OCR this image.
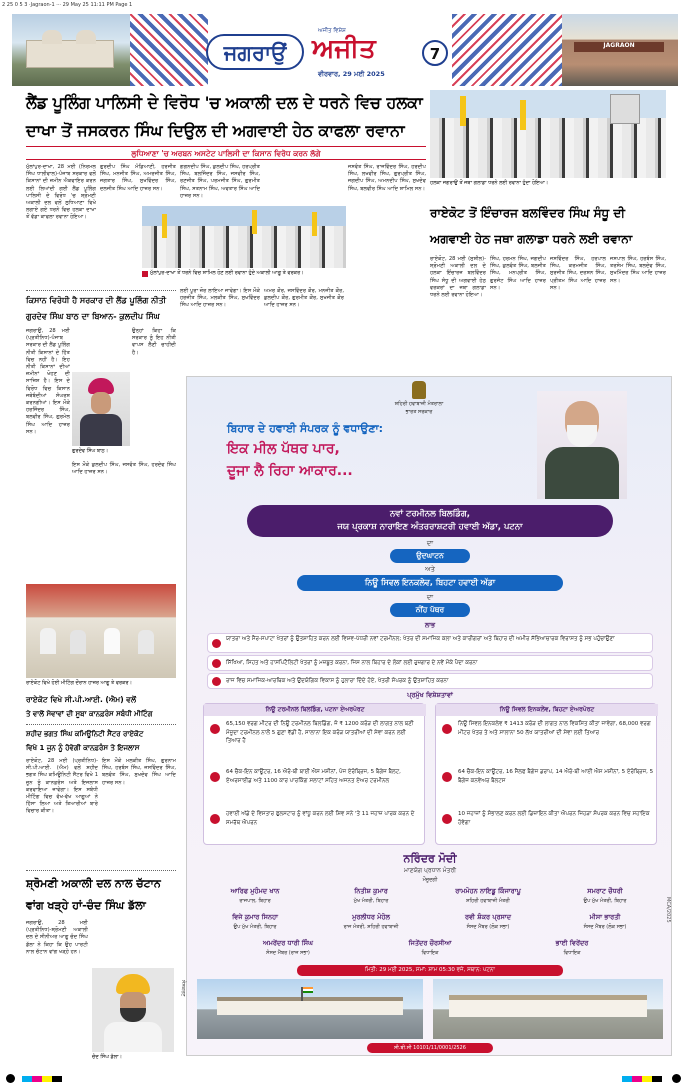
2 25 0 5 3 ·Jagraon-1 ··· 29 May 25 11:11 PM Page 1
ਜਗਰਾਉਂ
ਅਜੀਤ ਵਿਸ਼ੇਸ਼
ਅਜੀਤ
ਵੀਰਵਾਰ, 29 ਮਈ 2025
7	JAGRAON
ਲੈਂਡ ਪੂਲਿੰਗ ਪਾਲਿਸੀ ਦੇ ਵਿਰੋਧ 'ਚ ਅਕਾਲੀ ਦਲ ਦੇ ਧਰਨੇ ਵਿਚ ਹਲਕਾ
ਦਾਖਾ ਤੋਂ ਜਸਕਰਨ ਸਿੰਘ ਦਿਉਲ ਦੀ ਅਗਵਾਈ ਹੇਠ ਕਾਫਲਾ ਰਵਾਨਾ
ਲੁਧਿਆਣਾ 'ਚ ਅਰਬਨ ਅਸਟੇਟ ਪਾਲਿਸੀ ਦਾ ਕਿਸਾਨ ਵਿਰੋਧ ਕਰਨ ਲੱਗੇ
ਮੁੱਲਾਂਪੁਰ-ਦਾਖਾ, 28 ਮਈ (ਨਿਰਮਲ ਸਿੰਘ ਧਾਲੀਵਾਲ)-ਪੰਜਾਬ ਸਰਕਾਰ ਵਲੋਂ ਕਿਸਾਨਾਂ ਦੀ ਜ਼ਮੀਨ ਐਕਵਾਇਰ ਕਰਨ ਲਈ ਲਿਆਂਦੀ ਗਈ ਲੈਂਡ ਪੂਲਿੰਗ ਪਾਲਿਸੀ ਦੇ ਵਿਰੋਧ 'ਚ ਸ਼੍ਰੋਮਣੀ ਅਕਾਲੀ ਦਲ ਵਲੋਂ ਲੁਧਿਆਣਾ ਵਿਖੇ ਲਗਾਏ ਗਏ ਧਰਨੇ ਵਿਚ ਹਲਕਾ ਦਾਖਾ ਤੋਂ ਵੱਡਾ ਕਾਫਲਾ ਰਵਾਨਾ ਹੋਇਆ।
ਗੁਰਦੀਪ ਸਿੰਘ ਮੰਡਿਆਣੀ, ਹਰਜੀਤ ਸਿੰਘ, ਮਨਜੀਤ ਸਿੰਘ, ਅਮਰਜੀਤ ਸਿੰਘ, ਜਗਤਾਰ ਸਿੰਘ, ਸੁਖਵਿੰਦਰ ਸਿੰਘ, ਦਲਜੀਤ ਸਿੰਘ ਆਦਿ ਹਾਜ਼ਰ ਸਨ।
ਗਗਨਦੀਪ ਸਿੰਘ, ਕੁਲਦੀਪ ਸਿੰਘ, ਹਰਪ੍ਰੀਤ ਸਿੰਘ, ਬਲਜਿੰਦਰ ਸਿੰਘ, ਜਸਵੀਰ ਸਿੰਘ, ਰਣਜੀਤ ਸਿੰਘ, ਪਰਮਜੀਤ ਸਿੰਘ, ਗੁਰਮੀਤ ਸਿੰਘ, ਸਤਨਾਮ ਸਿੰਘ, ਅਵਤਾਰ ਸਿੰਘ ਆਦਿ ਹਾਜ਼ਰ ਸਨ।
ਜਸਵੰਤ ਸਿੰਘ, ਰਾਜਵਿੰਦਰ ਸਿੰਘ, ਹਰਦੀਪ ਸਿੰਘ, ਲਖਵੀਰ ਸਿੰਘ, ਗੁਰਪ੍ਰੀਤ ਸਿੰਘ, ਜਗਦੀਪ ਸਿੰਘ, ਅਮਨਦੀਪ ਸਿੰਘ, ਸੁਖਦੇਵ ਸਿੰਘ, ਬਲਵੀਰ ਸਿੰਘ ਆਦਿ ਸ਼ਾਮਿਲ ਸਨ।
ਮੁੱਲਾਂਪੁਰ-ਦਾਖਾ ਤੋਂ ਧਰਨੇ ਵਿਚ ਸ਼ਾਮਿਲ ਹੋਣ ਲਈ ਰਵਾਨਾ ਹੁੰਦੇ ਅਕਾਲੀ ਆਗੂ ਤੇ ਵਰਕਰ।
ਲਈ ਪੂਰਾ ਜ਼ੋਰ ਲਾਇਆ ਜਾਵੇਗਾ। ਇਸ ਮੌਕੇ ਹਰਜੀਤ ਸਿੰਘ, ਮਲਕੀਤ ਸਿੰਘ, ਸੁਖਵਿੰਦਰ ਸਿੰਘ ਆਦਿ ਹਾਜ਼ਰ ਸਨ।
ਅਮਰ ਕੌਰ, ਜਸਵਿੰਦਰ ਕੌਰ, ਮਨਜੀਤ ਕੌਰ, ਕੁਲਦੀਪ ਕੌਰ, ਗੁਰਮੀਤ ਕੌਰ, ਸੁਖਜੀਤ ਕੌਰ ਆਦਿ ਹਾਜ਼ਰ ਸਨ।
ਹਲਕਾ ਜਗਰਾਉਂ ਤੋਂ ਜਥਾ ਗਲਾਡਾ ਧਰਨੇ ਲਈ ਰਵਾਨਾ ਹੁੰਦਾ ਹੋਇਆ।
ਰਾਏਕੋਟ ਤੋਂ ਇੰਚਾਰਜ ਬਲਵਿੰਦਰ ਸਿੰਘ ਸੰਧੂ ਦੀ
ਅਗਵਾਈ ਹੇਠ ਜਥਾ ਗਲਾਡਾ ਧਰਨੇ ਲਈ ਰਵਾਨਾ
ਰਾਏਕੋਟ, 28 ਮਈ (ਸੁਸ਼ੀਲ)-ਸ਼੍ਰੋਮਣੀ ਅਕਾਲੀ ਦਲ ਦੇ ਹਲਕਾ ਇੰਚਾਰਜ ਬਲਵਿੰਦਰ ਸਿੰਘ ਸੰਧੂ ਦੀ ਅਗਵਾਈ ਹੇਠ ਵਰਕਰਾਂ ਦਾ ਜਥਾ ਗਲਾਡਾ ਧਰਨੇ ਲਈ ਰਵਾਨਾ ਹੋਇਆ।
ਸਿੰਘ, ਹਰਮਨ ਸਿੰਘ, ਜਗਦੀਪ ਸਿੰਘ, ਕੁਲਵੰਤ ਸਿੰਘ, ਬਲਜੀਤ ਸਿੰਘ, ਮਨਪ੍ਰੀਤ ਸਿੰਘ, ਗੁਰਜੰਟ ਸਿੰਘ ਆਦਿ ਹਾਜ਼ਰ ਸਨ।
ਜਸਵਿੰਦਰ ਸਿੰਘ, ਹਰਪਾਲ ਸਿੰਘ, ਕਰਮਜੀਤ ਸਿੰਘ, ਸੁਰਜੀਤ ਸਿੰਘ, ਦਰਸ਼ਨ ਸਿੰਘ, ਪ੍ਰੀਤਮ ਸਿੰਘ ਆਦਿ ਹਾਜ਼ਰ ਸਨ।
ਜਸਪਾਲ ਸਿੰਘ, ਹਰਬੰਸ ਸਿੰਘ, ਤਰਸੇਮ ਸਿੰਘ, ਬਲਦੇਵ ਸਿੰਘ, ਸੁਖਮਿੰਦਰ ਸਿੰਘ ਆਦਿ ਹਾਜ਼ਰ ਸਨ।
ਕਿਸਾਨ ਵਿਰੋਧੀ ਹੈ ਸਰਕਾਰ ਦੀ ਲੈਂਡ ਪੂਲਿੰਗ ਨੀਤੀ
ਗੁਰਦੇਵ ਸਿੰਘ ਬਾਠ ਦਾ ਬਿਆਨ- ਕੁਲਦੀਪ ਸਿੰਘ
ਜਗਰਾਉਂ, 28 ਮਈ (ਪ੍ਰਤੀਨਿਧ)-ਪੰਜਾਬ ਸਰਕਾਰ ਦੀ ਲੈਂਡ ਪੂਲਿੰਗ ਨੀਤੀ ਕਿਸਾਨਾਂ ਦੇ ਹਿੱਤ ਵਿਚ ਨਹੀਂ ਹੈ। ਇਹ ਨੀਤੀ ਕਿਸਾਨਾਂ ਦੀਆਂ ਜ਼ਮੀਨਾਂ ਖੋਹਣ ਦੀ ਸਾਜ਼ਿਸ਼ ਹੈ। ਇਸ ਦੇ ਵਿਰੋਧ ਵਿਚ ਕਿਸਾਨ ਜਥੇਬੰਦੀਆਂ ਸੰਘਰਸ਼ ਕਰਨਗੀਆਂ। ਇਸ ਮੌਕੇ ਹਰਜਿੰਦਰ ਸਿੰਘ, ਬਲਵੀਰ ਸਿੰਘ, ਗੁਰਮੇਲ ਸਿੰਘ ਆਦਿ ਹਾਜ਼ਰ ਸਨ।
ਗੁਰਦੇਵ ਸਿੰਘ ਬਾਠ।
ਉਨ੍ਹਾਂ ਕਿਹਾ ਕਿ ਸਰਕਾਰ ਨੂੰ ਇਹ ਨੀਤੀ ਵਾਪਸ ਲੈਣੀ ਚਾਹੀਦੀ ਹੈ।
ਇਸ ਮੌਕੇ ਕੁਲਦੀਪ ਸਿੰਘ, ਜਸਵੰਤ ਸਿੰਘ, ਹਰਦੇਵ ਸਿੰਘ ਆਦਿ ਹਾਜ਼ਰ ਸਨ।
ਰਾਏਕੋਟ ਵਿਖੇ ਹੋਈ ਮੀਟਿੰਗ ਦੌਰਾਨ ਹਾਜ਼ਰ ਆਗੂ ਤੇ ਵਰਕਰ।
ਰਾਏਕੋਟ ਵਿਖੇ ਸੀ.ਪੀ.ਆਈ. (ਐਮ) ਵਲੋਂ
ਤੇ ਵਾਲੋਂ ਸੇਵਾਵਾਂ ਦੀ ਸੂਬਾ ਕਾਨਫ਼ਰੰਸ ਸਬੰਧੀ ਮੀਟਿੰਗ
ਸ਼ਹੀਦ ਭਗਤ ਸਿੰਘ ਕਮਿਊਨਿਟੀ ਸੈਂਟਰ ਰਾਏਕੋਟ
ਵਿਖੇ 1 ਜੂਨ ਨੂੰ ਹੋਵੇਗੀ ਕਾਨਫ਼ਰੰਸ ਤੇ ਇਜਲਾਸ
ਰਾਏਕੋਟ, 28 ਮਈ (ਪ੍ਰਤੀਨਿਧ)-ਸੀ.ਪੀ.ਆਈ. (ਐਮ) ਵਲੋਂ ਸ਼ਹੀਦ ਭਗਤ ਸਿੰਘ ਕਮਿਊਨਿਟੀ ਸੈਂਟਰ ਵਿਖੇ 1 ਜੂਨ ਨੂੰ ਕਾਨਫ਼ਰੰਸ ਅਤੇ ਇਜਲਾਸ ਕਰਵਾਇਆ ਜਾਵੇਗਾ। ਇਸ ਸਬੰਧੀ ਮੀਟਿੰਗ ਵਿਚ ਵੱਖ-ਵੱਖ ਆਗੂਆਂ ਨੇ ਹਿੱਸਾ ਲਿਆ ਅਤੇ ਤਿਆਰੀਆਂ ਬਾਰੇ ਵਿਚਾਰ ਕੀਤਾ।
ਇਸ ਮੌਕੇ ਮਲਕੀਤ ਸਿੰਘ, ਗੁਰਨਾਮ ਸਿੰਘ, ਹਰਬੰਸ ਸਿੰਘ, ਜਸਵਿੰਦਰ ਸਿੰਘ, ਬਲਵੰਤ ਸਿੰਘ, ਸੁਖਦੇਵ ਸਿੰਘ ਆਦਿ ਹਾਜ਼ਰ ਸਨ।
ਸ਼੍ਰੋਮਣੀ ਅਕਾਲੀ ਦਲ ਨਾਲ ਚੱਟਾਨ
ਵਾਂਗ ਖੜ੍ਹੇ ਹਾਂ-ਚੰਦ ਸਿੰਘ ਡੱਲਾ
ਜਗਰਾਉਂ, 28 ਮਈ (ਪ੍ਰਤੀਨਿਧ)-ਸ਼੍ਰੋਮਣੀ ਅਕਾਲੀ ਦਲ ਦੇ ਸੀਨੀਅਰ ਆਗੂ ਚੰਦ ਸਿੰਘ ਡੱਲਾ ਨੇ ਕਿਹਾ ਕਿ ਉਹ ਪਾਰਟੀ ਨਾਲ ਚੱਟਾਨ ਵਾਂਗ ਖੜ੍ਹੇ ਹਨ।
ਚੰਦ ਸਿੰਘ ਡੱਲਾ।
ਸ਼ਹਿਰੀ ਹਵਾਬਾਜ਼ੀ ਮੰਤਰਾਲਾ
ਭਾਰਤ ਸਰਕਾਰ
ਬਿਹਾਰ ਦੇ ਹਵਾਈ ਸੰਪਰਕ ਨੂੰ ਵਧਾਉਣਾ:
ਇਕ ਮੀਲ ਪੱਥਰ ਪਾਰ,
ਦੂਜਾ ਲੈ ਰਿਹਾ ਆਕਾਰ...
ਨਵਾਂ ਟਰਮੀਨਲ ਬਿਲਡਿੰਗ,
ਜਯ ਪ੍ਰਕਾਸ਼ ਨਾਰਾਇਣ ਅੰਤਰਰਾਸ਼ਟਰੀ ਹਵਾਈ ਅੱਡਾ, ਪਟਨਾ
ਦਾ
ਉਦਘਾਟਨ
ਅਤੇ
ਨਿਊ ਸਿਵਲ ਇਨਕਲੇਵ, ਬਿਹਟਾ ਹਵਾਈ ਅੱਡਾ
ਦਾ
ਨੀਂਹ ਪੱਥਰ
ਲਾਭ
ਯਾਤਰਾ ਅਤੇ ਸੈਰ-ਸਪਾਟਾ ਖੇਤਰਾਂ ਨੂੰ ਉਤਸ਼ਾਹਿਤ ਕਰਨ ਲਈ ਵਿਸ਼ਵ-ਪੱਧਰੀ ਨਵਾਂ ਟਰਮੀਨਲ; ਖੇਤਰ ਦੀ ਸਮਾਜਿਕ ਕਲਾ ਅਤੇ ਕਾਰੀਗਰਾਂ ਅਤੇ ਬਿਹਾਰ ਦੀ ਅਮੀਰ ਸੱਭਿਆਚਾਰਕ ਵਿਰਾਸਤ ਨੂੰ ਸਭ ਪਹੁੰਚਾਉਣਾ
ਸਿੱਖਿਆ, ਸਿਹਤ ਅਤੇ ਹਾਸਪਿਟੈਲਿਟੀ ਖੇਤਰਾਂ ਨੂੰ ਮਜ਼ਬੂਤ ਕਰਨਾ, ਜਿਸ ਨਾਲ ਬਿਹਾਰ ਦੇ ਲੋਕਾਂ ਲਈ ਰੁਜ਼ਗਾਰ ਦੇ ਨਵੇਂ ਮੌਕੇ ਪੈਦਾ ਕਰਨਾ
ਰਾਜ ਵਿਚ ਸਮਾਜਿਕ-ਆਰਥਿਕ ਅਤੇ ਉਦਯੋਗਿਕ ਵਿਕਾਸ ਨੂੰ ਹੁਲਾਰਾ ਦਿੰਦੇ ਹੋਏ, ਖੇਤਰੀ ਸੰਪਰਕ ਨੂੰ ਉਤਸ਼ਾਹਿਤ ਕਰਨਾ
ਪ੍ਰਮੁੱਖ ਵਿਸ਼ੇਸ਼ਤਾਵਾਂ
ਨਿਊ ਟਰਮੀਨਲ ਬਿਲਡਿੰਗ, ਪਟਨਾ ਏਅਰਪੋਰਟ
65,150 ਵਰਗ ਮੀਟਰ ਦੀ ਨਿਊ ਟਰਮੀਨਲ ਬਿਲਡਿੰਗ, ਜੋ ₹ 1200 ਕਰੋੜ ਦੀ ਲਾਗਤ ਨਾਲ ਬਣੀ ਮੌਜੂਦਾ ਟਰਮੀਨਲ ਨਾਲੋਂ 5 ਗੁਣਾ ਵੱਡੀ ਹੈ, ਸਾਲਾਨਾ ਇਕ ਕਰੋੜ ਯਾਤਰੀਆਂ ਦੀ ਸੇਵਾ ਕਰਨ ਲਈ ਤਿਆਰ ਹੈ
64 ਚੈਕ-ਇਨ ਕਾਊਂਟਰ, 16 ਐਰੋ-ਬੀ ਬਾਈ ਐਸ ਮਸ਼ੀਨਾਂ, ਪੰਜ ਏਰੋਬ੍ਰਿਜ, 5 ਬੈਗੇਜ ਬੈਲਟ, ਏਅਰਸਾਈਡ ਅਤੇ 1100 ਕਾਰ ਪਾਰਕਿੰਗ ਸਲਾਟਾਂ ਸਹਿਤ ਅਜਨਤ ਏਅਰ ਟਰਮੀਨਲ
ਹਵਾਈ ਅੱਡੇ ਦੇ ਵਿਸਤਾਰ ਫੁਲਸਟਾਰ ਨੂੰ ਵਾਂਧੂ ਕਰਨ ਲਈ ਸ਼ਿਵ ਸਨੇ 'ਤੇ 11 ਜਹਾਜ਼ ਪਾਰਕ ਕਰਨ ਦੇ ਸਮਰੱਥ ਐਪਰਨ
ਨਿਊ ਸਿਵਲ ਇਨਕਲੇਵ, ਬਿਹਟਾ ਏਅਰਪੋਰਟ
ਨਿਊ ਸਿਵਲ ਇਨਕਲੇਵ ₹ 1413 ਕਰੋੜ ਦੀ ਲਾਗਤ ਨਾਲ ਵਿਕਸਿਤ ਕੀਤਾ ਜਾਵੇਗਾ, 68,000 ਵਰਗ ਮੀਟਰ ਖੇਤਰ ਤੇ ਅਤੇ ਸਾਲਾਨਾ 50 ਲੱਖ ਯਾਤਰੀਆਂ ਦੀ ਸੇਵਾ ਲਈ ਤਿਆਰ
64 ਚੈਕ-ਇਨ ਕਾਊਂਟਰ, 16 ਸੈਲਫ ਬੈਗੇਜ ਡਰਾਪ, 14 ਐਰੋ-ਬੀ ਆਈ ਐਸ ਮਸ਼ੀਨਾਂ, 5 ਏਰੋਬ੍ਰਿਜ, 5 ਬੈਗੇਜ ਕਨਵੇਅਰ ਬੈਲਟਸ
10 ਜਹਾਜ਼ਾਂ ਨੂੰ ਸੰਭਾਲਣ ਕਰਨ ਲਈ ਡਿਜ਼ਾਇਨ ਕੀਤਾ ਐਪਰਨ ਜਿਹੜਾ ਸੰਪਰਕ ਕਰਨ ਵਿਚ ਸਹਾਇਕ ਹੋਵੇਗਾ
ਨਰਿੰਦਰ ਮੋਦੀ
ਮਾਣਯੋਗ ਪ੍ਰਧਾਨ ਮੰਤਰੀ
ਮੌਜੂਦਗੀ
ਆਰਿਫ ਮੁਹੰਮਦ ਖਾਨ
ਰਾਜਪਾਲ, ਬਿਹਾਰ
ਨਿਤੀਸ਼ ਕੁਮਾਰ
ਮੁੱਖ ਮੰਤਰੀ, ਬਿਹਾਰ
ਰਾਮਮੋਹਨ ਨਾਇਡੂ ਕਿੰਜਾਰਾਪੂ
ਸ਼ਹਿਰੀ ਹਵਾਬਾਜ਼ੀ ਮੰਤਰੀ
ਸਮਰਾਟ ਚੌਧਰੀ
ਉਪ ਮੁੱਖ ਮੰਤਰੀ, ਬਿਹਾਰ
ਵਿਜੇ ਕੁਮਾਰ ਸਿਨਹਾ
ਉਪ ਮੁੱਖ ਮੰਤਰੀ, ਬਿਹਾਰ
ਮੁਰਲੀਧਰ ਮੋਹੋਲ
ਰਾਜ ਮੰਤਰੀ, ਸ਼ਹਿਰੀ ਹਵਾਬਾਜ਼ੀ
ਰਵੀ ਸ਼ੰਕਰ ਪ੍ਰਸਾਦ
ਸੰਸਦ ਮੈਂਬਰ (ਲੋਕ ਸਭਾ)
ਮੀਸਾ ਭਾਰਤੀ
ਸੰਸਦ ਮੈਂਬਰ (ਲੋਕ ਸਭਾ)
ਅਮਰੇਂਦਰ ਧਾਰੀ ਸਿੰਘ
ਸੰਸਦ ਮੈਂਬਰ (ਰਾਜ ਸਭਾ)
ਜਿਤੇਂਦਰ ਚੌਰਸੀਆ
ਵਿਧਾਇਕ
ਭਾਈ ਵਿਰੇਂਦਰ
ਵਿਧਾਇਕ
ਮਿਤੀ: 29 ਮਈ 2025, ਸਮਾਂ: ਸ਼ਾਮ 05:30 ਵਜੇ, ਸਥਾਨ: ਪਟਨਾ
ਸੀ.ਬੀ.ਸੀ 10101/11/0001/2526
MCA/2025
ਸੰਸਕਰਣ
